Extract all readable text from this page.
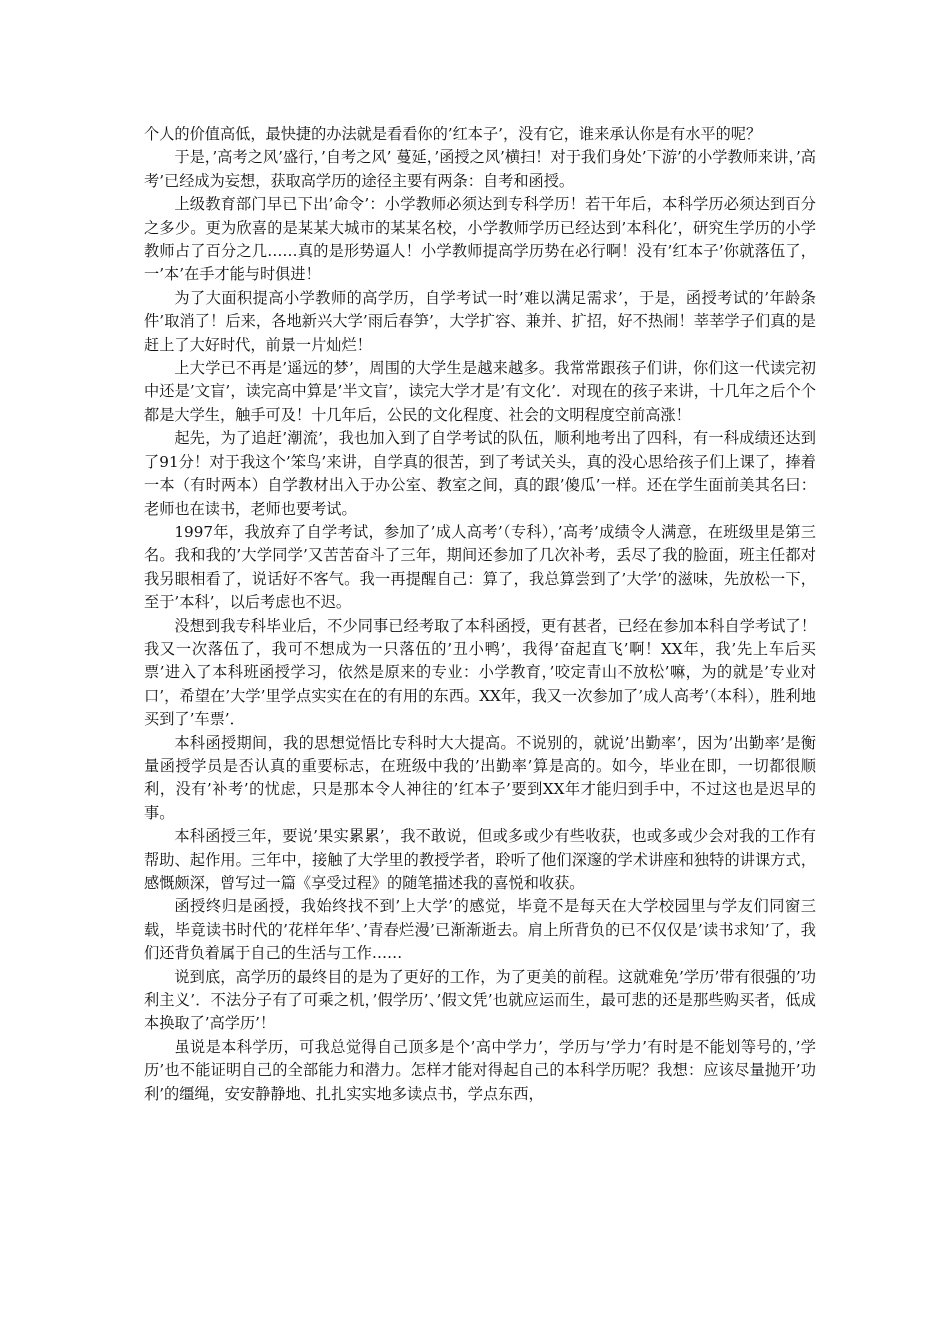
个人的价值高低，最快捷的办法就是看看你的’红本子’，没有它，谁来承认你是有水平的呢？

于是，’高考之风’盛行，’自考之风’ 蔓延，’函授之风’横扫！对于我们身处’下游’的小学教师来讲，’高考’已经成为妄想，获取高学历的途径主要有两条：自考和函授。

上级教育部门早已下出’命令’：小学教师必须达到专科学历！若干年后，本科学历必须达到百分之多少。更为欣喜的是某某大城市的某某名校，小学教师学历已经达到’本科化’，研究生学历的小学教师占了百分之几……真的是形势逼人！小学教师提高学历势在必行啊！没有’红本子’你就落伍了，一’本’在手才能与时俱进！

为了大面积提高小学教师的高学历，自学考试一时’难以满足需求’，于是，函授考试的’年龄条件’取消了！后来，各地新兴大学’雨后春笋’，大学扩容、兼并、扩招，好不热闹！莘莘学子们真的是赶上了大好时代，前景一片灿烂！

上大学已不再是’遥远的梦’，周围的大学生是越来越多。我常常跟孩子们讲，你们这一代读完初中还是’文盲’，读完高中算是’半文盲’，读完大学才是’有文化’．对现在的孩子来讲，十几年之后个个都是大学生，触手可及！十几年后，公民的文化程度、社会的文明程度空前高涨！

起先，为了追赶’潮流’，我也加入到了自学考试的队伍，顺利地考出了四科，有一科成绩还达到了91分！对于我这个’笨鸟’来讲，自学真的很苦，到了考试关头，真的没心思给孩子们上课了，捧着一本（有时两本）自学教材出入于办公室、教室之间，真的跟’傻瓜’一样。还在学生面前美其名曰：老师也在读书，老师也要考试。

1997年，我放弃了自学考试，参加了’成人高考’（专科），’高考’成绩令人满意，在班级里是第三名。我和我的’大学同学’又苦苦奋斗了三年，期间还参加了几次补考，丢尽了我的脸面，班主任都对我另眼相看了，说话好不客气。我一再提醒自己：算了，我总算尝到了’大学’的滋味，先放松一下，至于’本科’，以后考虑也不迟。

没想到我专科毕业后，不少同事已经考取了本科函授，更有甚者，已经在参加本科自学考试了！我又一次落伍了，我可不想成为一只落伍的’丑小鸭’，我得’奋起直飞’啊！XX年，我’先上车后买票’进入了本科班函授学习，依然是原来的专业：小学教育，’咬定青山不放松’嘛，为的就是’专业对口’，希望在’大学’里学点实实在在的有用的东西。XX年，我又一次参加了’成人高考’（本科），胜利地买到了’车票’．

本科函授期间，我的思想觉悟比专科时大大提高。不说别的，就说’出勤率’，因为’出勤率’是衡量函授学员是否认真的重要标志，在班级中我的’出勤率’算是高的。如今，毕业在即，一切都很顺利，没有’补考’的忧虑，只是那本令人神往的’红本子’要到XX年才能归到手中，不过这也是迟早的事。

本科函授三年，要说’果实累累’，我不敢说，但或多或少有些收获，也或多或少会对我的工作有帮助、起作用。三年中，接触了大学里的教授学者，聆听了他们深邃的学术讲座和独特的讲课方式，感慨颇深，曾写过一篇《享受过程》的随笔描述我的喜悦和收获。

函授终归是函授，我始终找不到’上大学’的感觉，毕竟不是每天在大学校园里与学友们同窗三载，毕竟读书时代的’花样年华’、’青春烂漫’已渐渐逝去。肩上所背负的已不仅仅是’读书求知’了，我们还背负着属于自己的生活与工作……

说到底，高学历的最终目的是为了更好的工作，为了更美的前程。这就难免’学历’带有很强的’功利主义’．不法分子有了可乘之机，’假学历’、’假文凭’也就应运而生，最可悲的还是那些购买者，低成本换取了’高学历’！

虽说是本科学历，可我总觉得自己顶多是个’高中学力’，学历与’学力’有时是不能划等号的，’学历’也不能证明自己的全部能力和潜力。怎样才能对得起自己的本科学历呢？我想：应该尽量抛开’功利’的缰绳，安安静静地、扎扎实实地多读点书，学点东西，
